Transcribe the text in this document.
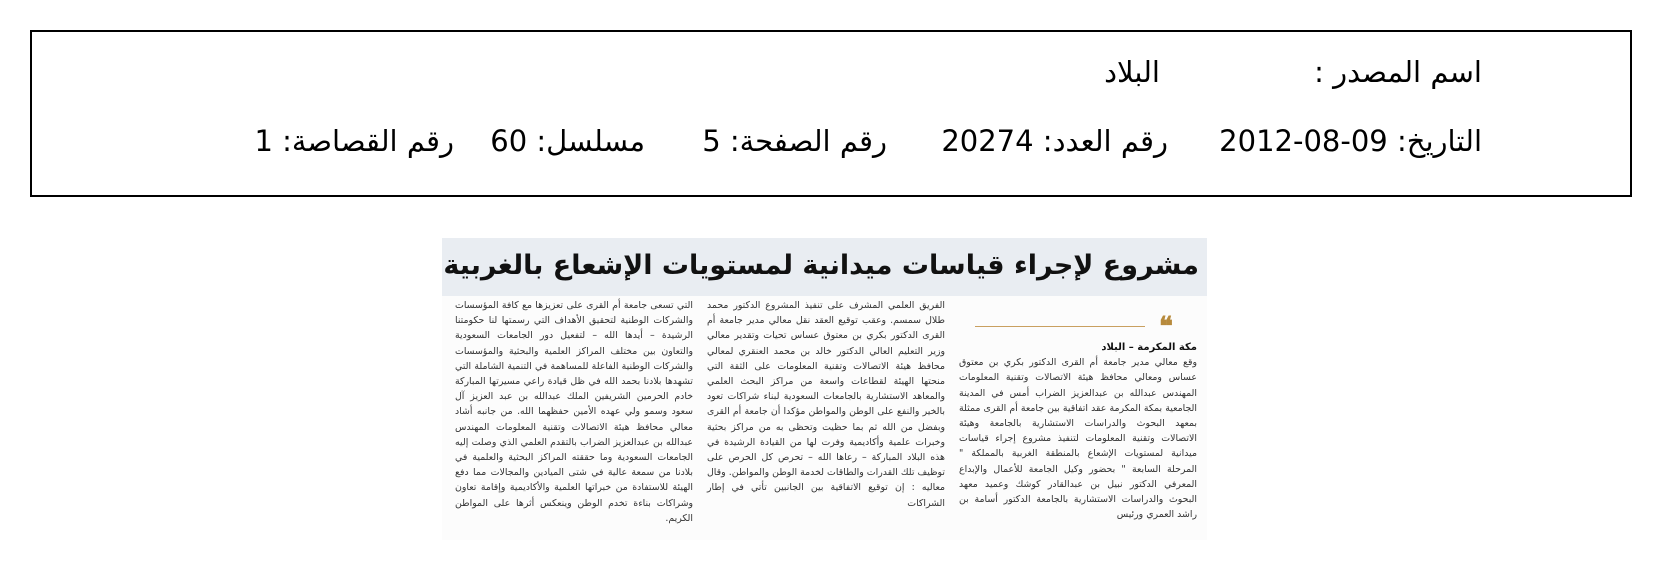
اسم المصدر :
البلاد
التاريخ: 09-08-2012
رقم العدد: 20274
رقم الصفحة: 5
مسلسل: 60
رقم القصاصة: 1
مشروع لإجراء قياسات ميدانية لمستويات الإشعاع بالغربية
❝

مكة المكرمة – البلاد

وقع معالي مدير جامعة أم القرى الدكتور بكري بن معتوق عساس ومعالي محافظ هيئة الاتصالات وتقنية المعلومات المهندس عبدالله بن عبدالعزيز الضراب أمس في المدينة الجامعية بمكة المكرمة عقد اتفاقية بين جامعة أم القرى ممثلة بمعهد البحوث والدراسات الاستشارية بالجامعة وهيئة الاتصالات وتقنية المعلومات لتنفيذ مشروع إجراء قياسات ميدانية لمستويات الإشعاع بالمنطقة الغربية بالمملكة " المرحلة السابعة " بحضور وكيل الجامعة للأعمال والإبداع المعرفي الدكتور نبيل بن عبدالقادر كوشك وعميد معهد البحوث والدراسات الاستشارية بالجامعة الدكتور أسامة بن راشد العمري ورئيس

الفريق العلمي المشرف على تنفيذ المشروع الدكتور محمد طلال سمسم. وعقب توقيع العقد نقل معالي مدير جامعة أم القرى الدكتور بكري بن معتوق عساس تحيات وتقدير معالي وزير التعليم العالي الدكتور خالد بن محمد العنقري لمعالي محافظ هيئة الاتصالات وتقنية المعلومات على الثقة التي منحتها الهيئة لقطاعات واسعة من مراكز البحث العلمي والمعاهد الاستشارية بالجامعات السعودية لبناء شراكات تعود بالخير والنفع على الوطن والمواطن مؤكدا أن جامعة أم القرى وبفضل من الله ثم بما حظيت وتحظى به من مراكز بحثية وخبرات علمية وأكاديمية وفرت لها من القيادة الرشيدة في هذه البلاد المباركة – رعاها الله – تحرص كل الحرص على توظيف تلك القدرات والطاقات لخدمة الوطن والمواطن. وقال معاليه : إن توقيع الاتفاقية بين الجانبين تأتي في إطار الشراكات

التي تسعى جامعة أم القرى على تعزيزها مع كافة المؤسسات والشركات الوطنية لتحقيق الأهداف التي رسمتها لنا حكومتنا الرشيدة – أيدها الله – لتفعيل دور الجامعات السعودية والتعاون بين مختلف المراكز العلمية والبحثية والمؤسسات والشركات الوطنية الفاعلة للمساهمة في التنمية الشاملة التي تشهدها بلادنا بحمد الله في ظل قيادة راعي مسيرتها المباركة خادم الحرمين الشريفين الملك عبدالله بن عبد العزيز آل سعود وسمو ولي عهده الأمين حفظهما الله. من جانبه أشاد معالي محافظ هيئة الاتصالات وتقنية المعلومات المهندس عبدالله بن عبدالعزيز الضراب بالتقدم العلمي الذي وصلت إليه الجامعات السعودية وما حققته المراكز البحثية والعلمية في بلادنا من سمعة عالية في شتى الميادين والمجالات مما دفع الهيئة للاستفادة من خبراتها العلمية والأكاديمية وإقامة تعاون وشراكات بناءة تخدم الوطن وينعكس أثرها على المواطن الكريم.
